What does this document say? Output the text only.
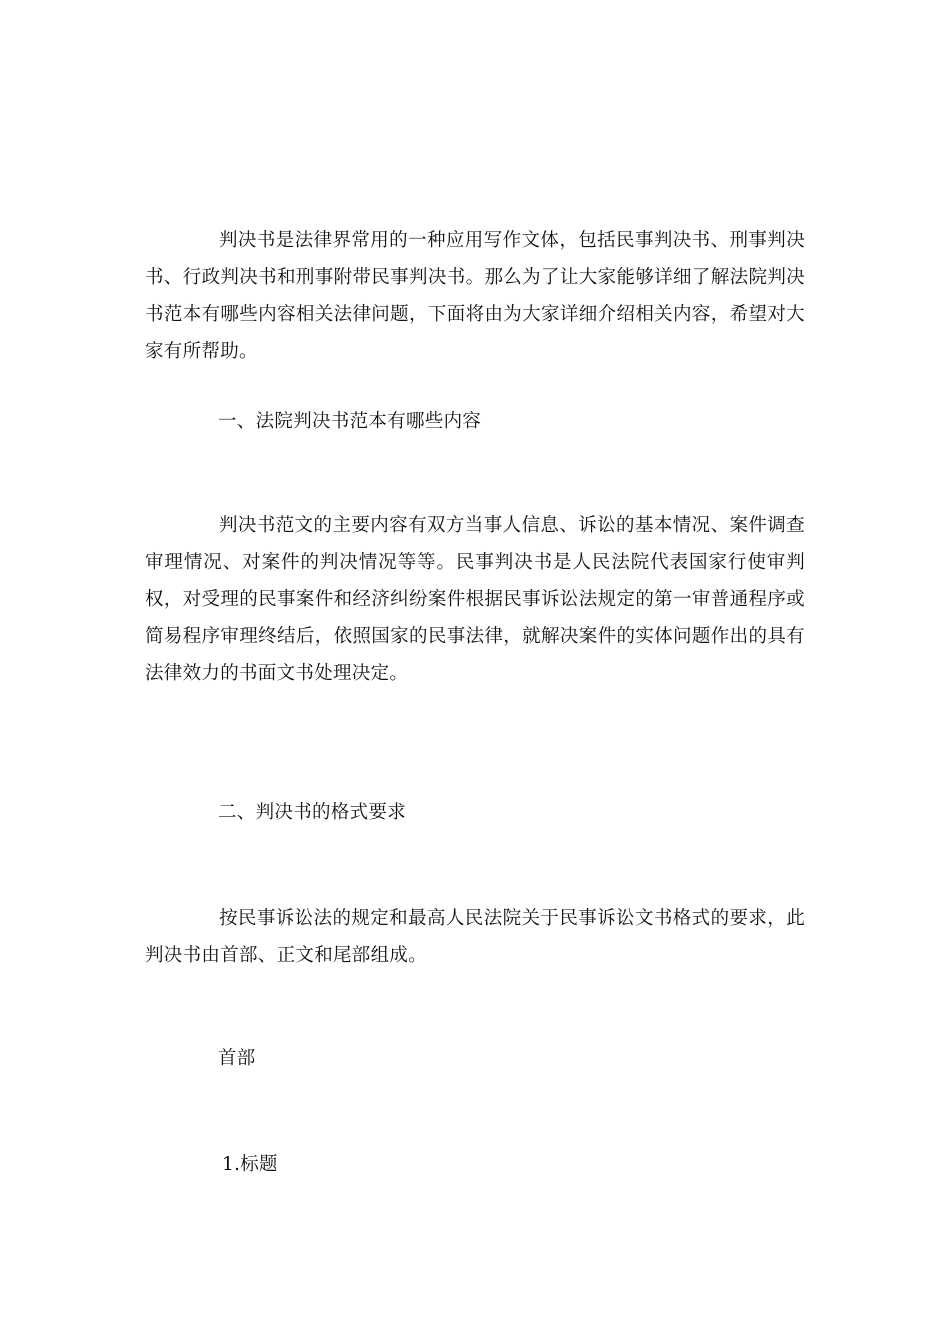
判决书是法律界常用的一种应用写作文体，包括民事判决书、刑事判决书、行政判决书和刑事附带民事判决书。那么为了让大家能够详细了解法院判决书范本有哪些内容相关法律问题，下面将由为大家详细介绍相关内容，希望对大家有所帮助。

一、法院判决书范本有哪些内容

判决书范文的主要内容有双方当事人信息、诉讼的基本情况、案件调查审理情况、对案件的判决情况等等。民事判决书是人民法院代表国家行使审判权，对受理的民事案件和经济纠纷案件根据民事诉讼法规定的第一审普通程序或简易程序审理终结后，依照国家的民事法律，就解决案件的实体问题作出的具有法律效力的书面文书处理决定。

二、判决书的格式要求

按民事诉讼法的规定和最高人民法院关于民事诉讼文书格式的要求，此判决书由首部、正文和尾部组成。

首部

1.标题
